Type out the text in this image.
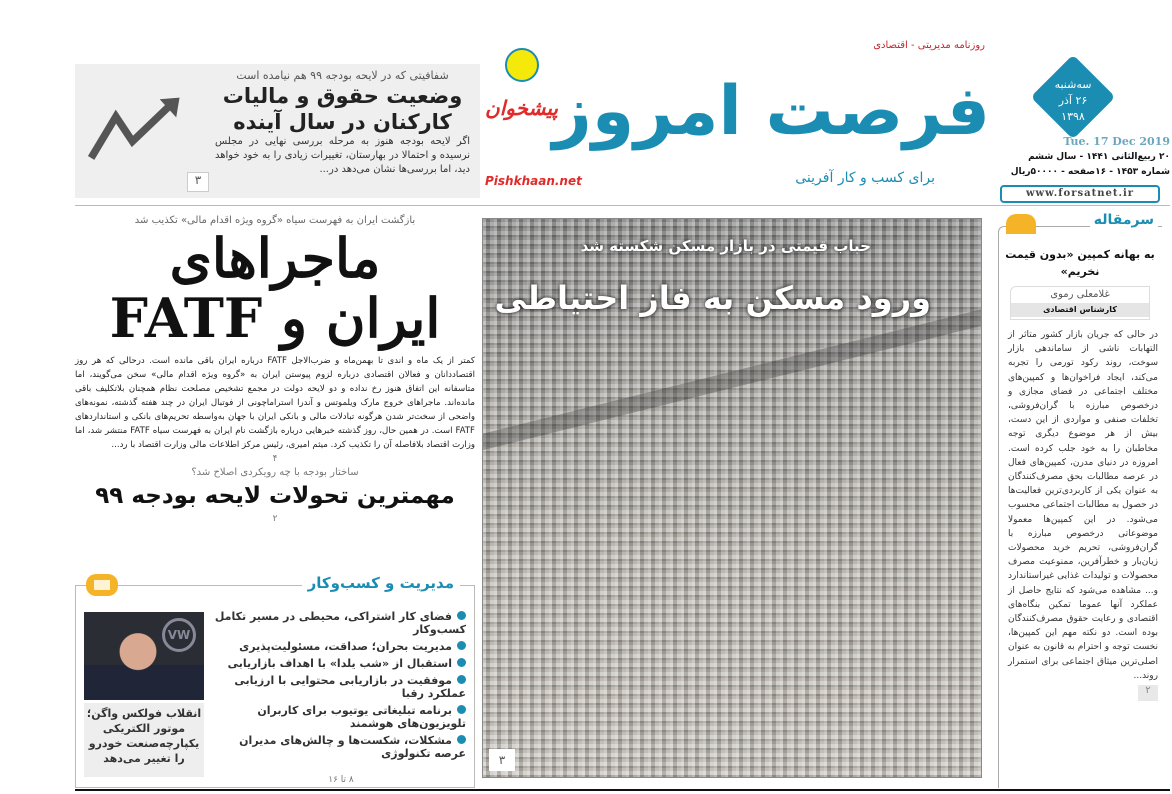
شفافیتی که در لایحه بودجه ۹۹ هم نیامده است
وضعیت حقوق و مالیات کارکنان در سال آینده
اگر لایحه بودجه هنوز به مرحله بررسی نهایی در مجلس نرسیده و احتمالا در بهارستان، تغییرات زیادی را به خود خواهد دید، اما بررسی‌ها نشان می‌دهد در...
۳
روزنامه مدیریتی - اقتصادی
فرصت امروز
برای کسب و کار آفرینی
پیشخوان
Pishkhaan.net
سه‌شنبه
۲۶ آذر
۱۳۹۸
Tue. 17 Dec 2019
۲۰ ربیع‌الثانی ۱۴۴۱ - سال ششم
شماره ۱۴۵۳ - ۱۶صفحه - ۵۰۰۰۰ریال
www.forsatnet.ir
بازگشت ایران به فهرست سیاه «گروه ویژه اقدام مالی» تکذیب شد
ماجراهای
ایران و FATF
کمتر از یک ماه و اندی تا بهمن‌ماه و ضرب‌الاجل FATF درباره ایران باقی مانده است. درحالی که هر روز اقتصاددانان و فعالان اقتصادی درباره لزوم پیوستن ایران به «گروه ویژه اقدام مالی» سخن می‌گویند، اما متاسفانه این اتفاق هنوز رخ نداده و دو لایحه دولت در مجمع تشخیص مصلحت نظام همچنان بلاتکلیف باقی مانده‌اند. ماجراهای خروج مارک ویلموتس و آندرا استراماچونی از فوتبال ایران در چند هفته گذشته، نمونه‌های واضحی از سخت‌تر شدن هرگونه تبادلات مالی و بانکی ایران با جهان به‌واسطه تحریم‌های بانکی و استانداردهای FATF است. در همین حال، روز گذشته خبرهایی درباره بازگشت نام ایران به فهرست سیاه FATF منتشر شد، اما وزارت اقتصاد بلافاصله آن را تکذیب کرد. میثم امیری، رئیس مرکز اطلاعات مالی وزارت اقتصاد با رد...
۴
ساختار بودجه با چه رویکردی اصلاح شد؟
مهمترین تحولات لایحه بودجه ۹۹
۲
مدیریت و کسب‌و‌کار
فضای کار اشتراکی، محیطی در مسیر تکامل کسب‌و‌کار
مدیریت بحران؛ صداقت، مسئولیت‌پذیری
استقبال از «شب یلدا» با اهداف بازاریابی
موفقیت در بازاریابی محتوایی با ارزیابی عملکرد رقبا
برنامه تبلیغاتی یوتیوب برای کاربران تلویزیون‌های هوشمند
مشکلات، شکست‌ها و چالش‌های مدیران عرصه تکنولوژی
VW
انقلاب فولکس واگن؛ موتور الکتریکی یکپارچه‌صنعت خودرو را تغییر می‌دهد
۸ تا ۱۶
حباب قیمتی در بازار مسکن شکسته شد
ورود مسکن به فاز احتیاطی
۳
سرمقاله
به بهانه کمپین «بدون قیمت نخریم»
غلامعلی رموی
کارشناس اقتصادی
در حالی که جریان بازار کشور متاثر از التهابات ناشی از ساماندهی بازار سوخت، روند رکود تورمی را تجربه می‌کند، ایجاد فراخوان‌ها و کمپین‌های مختلف اجتماعی در فضای مجازی و درخصوص مبارزه با گران‌فروشی، تخلفات صنفی و مواردی از این دست، بیش از هر موضوع دیگری توجه مخاطبان را به خود جلب کرده است. امروزه در دنیای مدرن، کمپین‌های فعال در عرصه مطالبات بحق مصرف‌کنندگان به عنوان یکی از کاربردی‌ترین فعالیت‌ها در حصول به مطالبات اجتماعی محسوب می‌شود. در این کمپین‌ها معمولا موضوعاتی درخصوص مبارزه با گران‌فروشی، تحریم خرید محصولات زیان‌بار و خطرآفرین، ممنوعیت مصرف محصولات و تولیدات غذایی غیراستاندارد و... مشاهده می‌شود که نتایج حاصل از عملکرد آنها عموما تمکین بنگاه‌های اقتصادی و رعایت حقوق مصرف‌کنندگان بوده است. دو نکته مهم این کمپین‌ها، نخست توجه و احترام به قانون به عنوان اصلی‌ترین میثاق اجتماعی برای استمرار روند...
۲
